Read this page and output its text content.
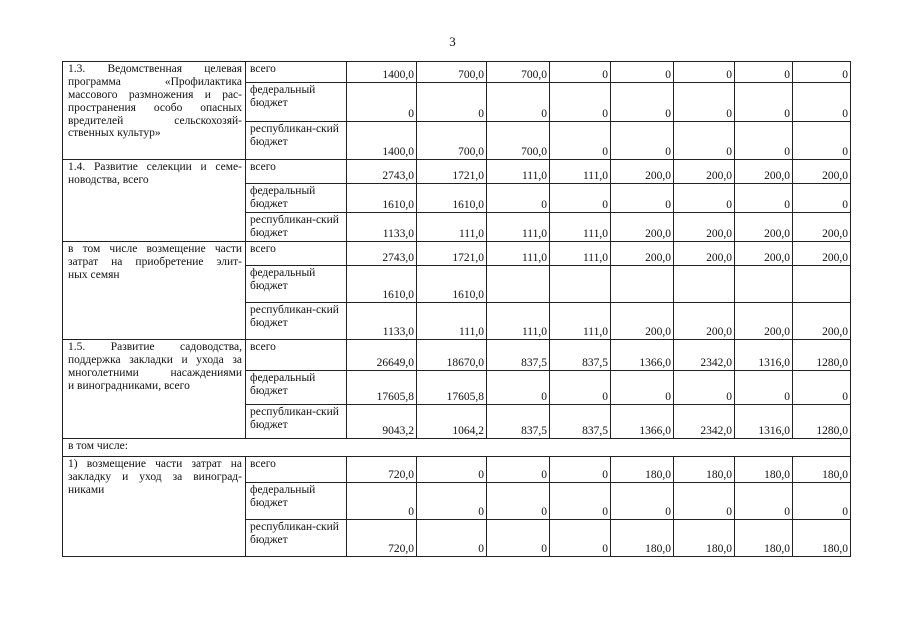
3
1.3. Ведомственная целевая программа «Профилактика
массового размножения и рас-
пространения особо опасных
вредителей сельскохозяй-
ственных культур»	всего	1400,0	700,0	700,0	0	0	0	0	0
	федеральный бюджет	0	0	0	0	0	0	0	0
	республикан-ский бюджет	1400,0	700,0	700,0	0	0	0	0	0

1.4. Развитие селекции и семе-
новодства, всего	всего	2743,0	1721,0	111,0	111,0	200,0	200,0	200,0	200,0
	федеральный бюджет	1610,0	1610,0	0	0	0	0	0	0
	республикан-ский бюджет	1133,0	111,0	111,0	111,0	200,0	200,0	200,0	200,0

в том числе возмещение части
затрат на приобретение элит-
ных семян	всего	2743,0	1721,0	111,0	111,0	200,0	200,0	200,0	200,0
	федеральный бюджет	1610,0	1610,0						
	республикан-ский бюджет	1133,0	111,0	111,0	111,0	200,0	200,0	200,0	200,0

1.5. Развитие садоводства,
поддержка закладки и ухода за
многолетними насаждениями
и виноградниками, всего	всего	26649,0	18670,0	837,5	837,5	1366,0	2342,0	1316,0	1280,0
	федеральный бюджет	17605,8	17605,8	0	0	0	0	0	0
	республикан-ский бюджет	9043,2	1064,2	837,5	837,5	1366,0	2342,0	1316,0	1280,0
в том числе:									

1) возмещение части затрат на
закладку и уход за виноград-
никами	всего	720,0	0	0	0	180,0	180,0	180,0	180,0
	федеральный бюджет	0	0	0	0	0	0	0	0
	республикан-ский бюджет	720,0	0	0	0	180,0	180,0	180,0	180,0
